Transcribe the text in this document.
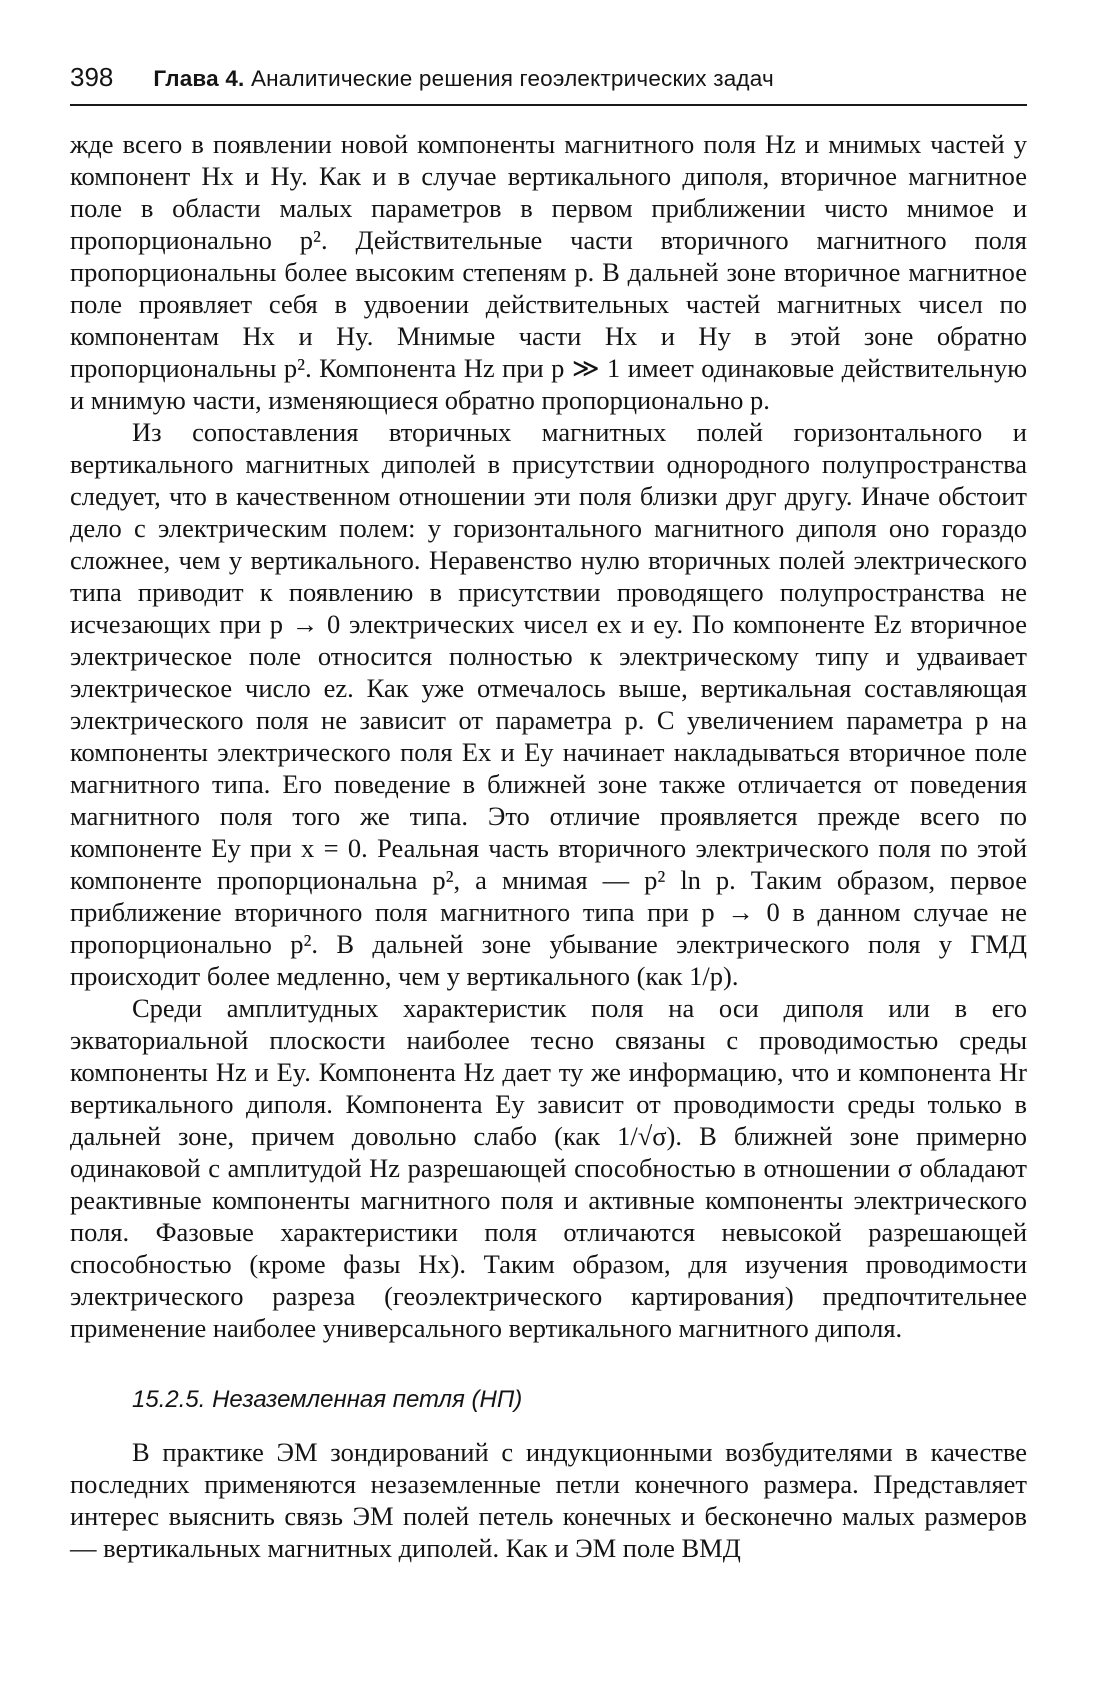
398 Глава 4. Аналитические решения геоэлектрических задач

жде всего в появлении новой компоненты магнитного поля Hz и мнимых частей у компонент Hx и Hy. Как и в случае вертикального диполя, вторичное магнитное поле в области малых параметров в первом приближении чисто мнимое и пропорционально p². Действительные части вторичного магнитного поля пропорциональны более высоким степеням p. В дальней зоне вторичное магнитное поле проявляет себя в удвоении действительных частей магнитных чисел по компонентам Hx и Hy. Мнимые части Hx и Hy в этой зоне обратно пропорциональны p². Компонента Hz при p ≫ 1 имеет одинаковые действительную и мнимую части, изменяющиеся обратно пропорционально p.

Из сопоставления вторичных магнитных полей горизонтального и вертикального магнитных диполей в присутствии однородного полупространства следует, что в качественном отношении эти поля близки друг другу. Иначе обстоит дело с электрическим полем: у горизонтального магнитного диполя оно гораздо сложнее, чем у вертикального. Неравенство нулю вторичных полей электрического типа приводит к появлению в присутствии проводящего полупространства не исчезающих при p → 0 электрических чисел ex и ey. По компоненте Ez вторичное электрическое поле относится полностью к электрическому типу и удваивает электрическое число ez. Как уже отмечалось выше, вертикальная составляющая электрического поля не зависит от параметра p. С увеличением параметра p на компоненты электрического поля Ex и Ey начинает накладываться вторичное поле магнитного типа. Его поведение в ближней зоне также отличается от поведения магнитного поля того же типа. Это отличие проявляется прежде всего по компоненте Ey при x = 0. Реальная часть вторичного электрического поля по этой компоненте пропорциональна p², а мнимая — p² ln p. Таким образом, первое приближение вторичного поля магнитного типа при p → 0 в данном случае не пропорционально p². В дальней зоне убывание электрического поля у ГМД происходит более медленно, чем у вертикального (как 1/p).

Среди амплитудных характеристик поля на оси диполя или в его экваториальной плоскости наиболее тесно связаны с проводимостью среды компоненты Hz и Ey. Компонента Hz дает ту же информацию, что и компонента Hr вертикального диполя. Компонента Ey зависит от проводимости среды только в дальней зоне, причем довольно слабо (как 1/√σ). В ближней зоне примерно одинаковой с амплитудой Hz разрешающей способностью в отношении σ обладают реактивные компоненты магнитного поля и активные компоненты электрического поля. Фазовые характеристики поля отличаются невысокой разрешающей способностью (кроме фазы Hx). Таким образом, для изучения проводимости электрического разреза (геоэлектрического картирования) предпочтительнее применение наиболее универсального вертикального магнитного диполя.

15.2.5. Незаземленная петля (НП)

В практике ЭМ зондирований с индукционными возбудителями в качестве последних применяются незаземленные петли конечного размера. Представляет интерес выяснить связь ЭМ полей петель конечных и бесконечно малых размеров — вертикальных магнитных диполей. Как и ЭМ поле ВМД
